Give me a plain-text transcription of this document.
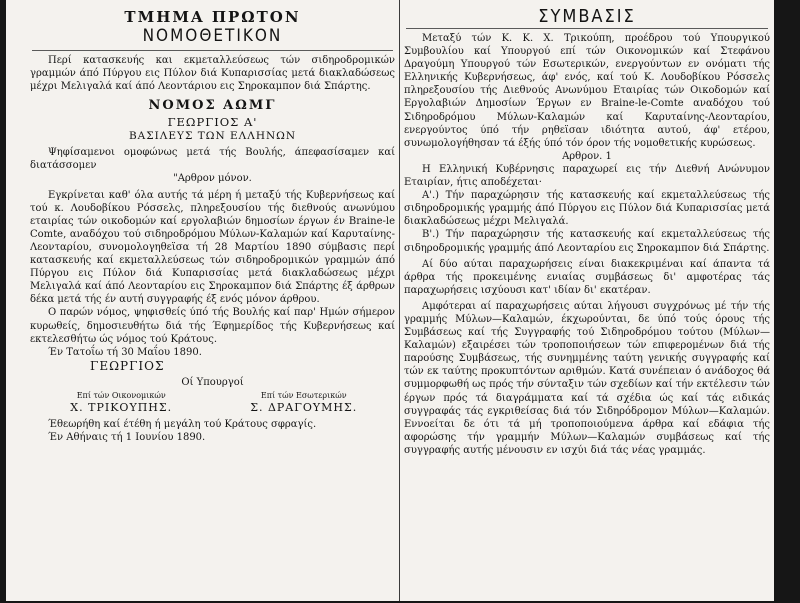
ΤΜΗΜΑ ΠΡΩΤΟΝ
ΝΟΜΟΘΕΤΙΚΟΝ

Περί κατασκευής και εκμεταλλεύσεως τών σιδηροδρομικών γραμμών άπό Πύργου εις Πύλον διά Κυπαρισσίας μετά διακλαδώσεως μέχρι Μελιγαλά καί άπό Λεοντάριου εις Σηροκαμπον διά Σπάρτης.

ΝΟΜΟΣ ΑΩΜΓ
ΓΕΩΡΓΙΟΣ Α'
ΒΑΣΙΛΕΥΣ ΤΩΝ ΕΛΛΗΝΩΝ

Ψηφίσαμενοι ομοφώνως μετά τής Βουλής, άπεφασίσαμεν καί διατάσσομεν

"Αρθρον μόνον.

Εγκρίνεται καθ' όλα αυτής τά μέρη ή μεταξύ τής Κυβερνήσεως καί τού κ. Λουδοβίκου Ρόσσελς, πληρεξουσίου τής διεθνούς ανωνύμου εταιρίας τών οικοδομών καί εργολαβιών δημοσίων έργων έν Braine-le Comte, αναδόχου τού σιδηροδρόμου Μύλων-Καλαμών καί Καρυταίνης-Λεονταρίου, συνομολογηθεϊσα τή 28 Μαρτίου 1890 σύμβασις περί κατασκευής καί εκμεταλλεύσεως τών σιδηροδρομικών γραμμών άπό Πύργου εις Πύλον διά Κυπαρισσίας μετά διακλαδώσεως μέχρι Μελιγαλά καί άπό Λεονταρίου εις Σηροκαμπον διά Σπάρτης έξ άρθρων δέκα μετά τής έν αυτή συγγραφής έξ ενός μόνον άρθρου.

Ο παρών νόμος, ψηφισθείς ύπό τής Βουλής καί παρ' Ημών σήμερον κυρωθείς, δημοσιευθήτω διά τής Έφημερίδος τής Κυβερνήσεως καί εκτελεσθήτω ώς νόμος τού Κράτους.

Έν Τατοΐω τή 30 Μαΐου 1890.

ΓΕΩΡΓΙΟΣ
Οί Υπουργοί
Επί τών Οικονομικών
Χ. ΤΡΙΚΟΥΠΗΣ.
Επί τών Εσωτερικών
Σ. ΔΡΑΓΟΥΜΗΣ.

Έθεωρήθη καί έτέθη ή μεγάλη τού Κράτους σφραγίς.

Έν Αθήναις τή 1 Ιουνίου 1890.

ΣΥΜΒΑΣΙΣ

Μεταξύ τών Κ. Κ. Χ. Τρικούπη, προέδρου τού Υπουργικού Συμβουλίου καί Υπουργού επί τών Οικονομικών καί Στεφάνου Δραγούμη Υπουργού τών Εσωτερικών, ενεργούντων εν ονόματι τής Ελληνικής Κυβερνήσεως, άφ' ενός, καί τού Κ. Λουδοβίκου Ρόσσελς πληρεξουσίου τής Διεθνούς Ανωνύμου Εταιρίας τών Οικοδομών καί Εργολαβιών Δημοσίων Έργων εν Braine-le-Comte αναδόχου τού Σιδηροδρόμου Μύλων-Καλαμών καί Καρυταίνης-Λεονταρίου, ενεργούντος ύπό τήν ρηθεϊσαν ιδιότητα αυτού, άφ' ετέρου, συνωμολογήθησαν τά έξής ύπό τόν όρον τής νομοθετικής κυρώσεως.

Αρθρον. 1

Η Ελληνική Κυβέρνησις παραχωρεί εις τήν Διεθνή Ανώνυμον Εταιρίαν, ήτις αποδέχεται·

Α'.) Τήν παραχώρησιν τής κατασκευής καί εκμεταλλεύσεως τής σιδηροδρομικής γραμμής άπό Πύργου εις Πύλον διά Κυπαρισσίας μετά διακλαδώσεως μέχρι Μελιγαλά.

Β'.) Τήν παραχώρησιν τής κατασκευής καί εκμεταλλεύσεως τής σιδηροδρομικής γραμμής άπό Λεονταρίου εις Σηροκαμπον διά Σπάρτης.

Αί δύο αύται παραχωρήσεις είναι διακεκριμέναι καί άπαντα τά άρθρα τής προκειμένης ενιαίας συμβάσεως δι' αμφοτέρας τάς παραχωρήσεις ισχύουσι κατ' ιδίαν δι' εκατέραν.

Αμφότεραι αί παραχωρήσεις αύται λήγουσι συγχρόνως μέ τήν τής γραμμής Μύλων—Καλαμών, έκχωρούνται, δε ύπό τούς όρους τής Συμβάσεως καί τής Συγγραφής τού Σιδηροδρόμου τούτου (Μύλων—Καλαμών) εξαιρέσει τών τροποποιήσεων τών επιφερομένων διά τής παρούσης Συμβάσεως, τής συνημμένης ταύτη γενικής συγγραφής καί τών εκ ταύτης προκυπτόντων αριθμών. Κατά συνέπειαν ό ανάδοχος θά συμμορφωθή ως πρός τήν σύνταξιν τών σχεδίων καί τήν εκτέλεσιν τών έργων πρός τά διαγράμματα καί τά σχέδια ώς καί τάς ειδικάς συγγραφάς τάς εγκριθείσας διά τόν Σιδηρόδρομον Μύλων—Καλαμών. Εννοείται δε ότι τά μή τροποποιούμενα άρθρα καί εδάφια τής αφορώσης τήν γραμμήν Μύλων—Καλαμών συμβάσεως καί τής συγγραφής αυτής μένουσιν εν ισχύι διά τάς νέας γραμμάς.
